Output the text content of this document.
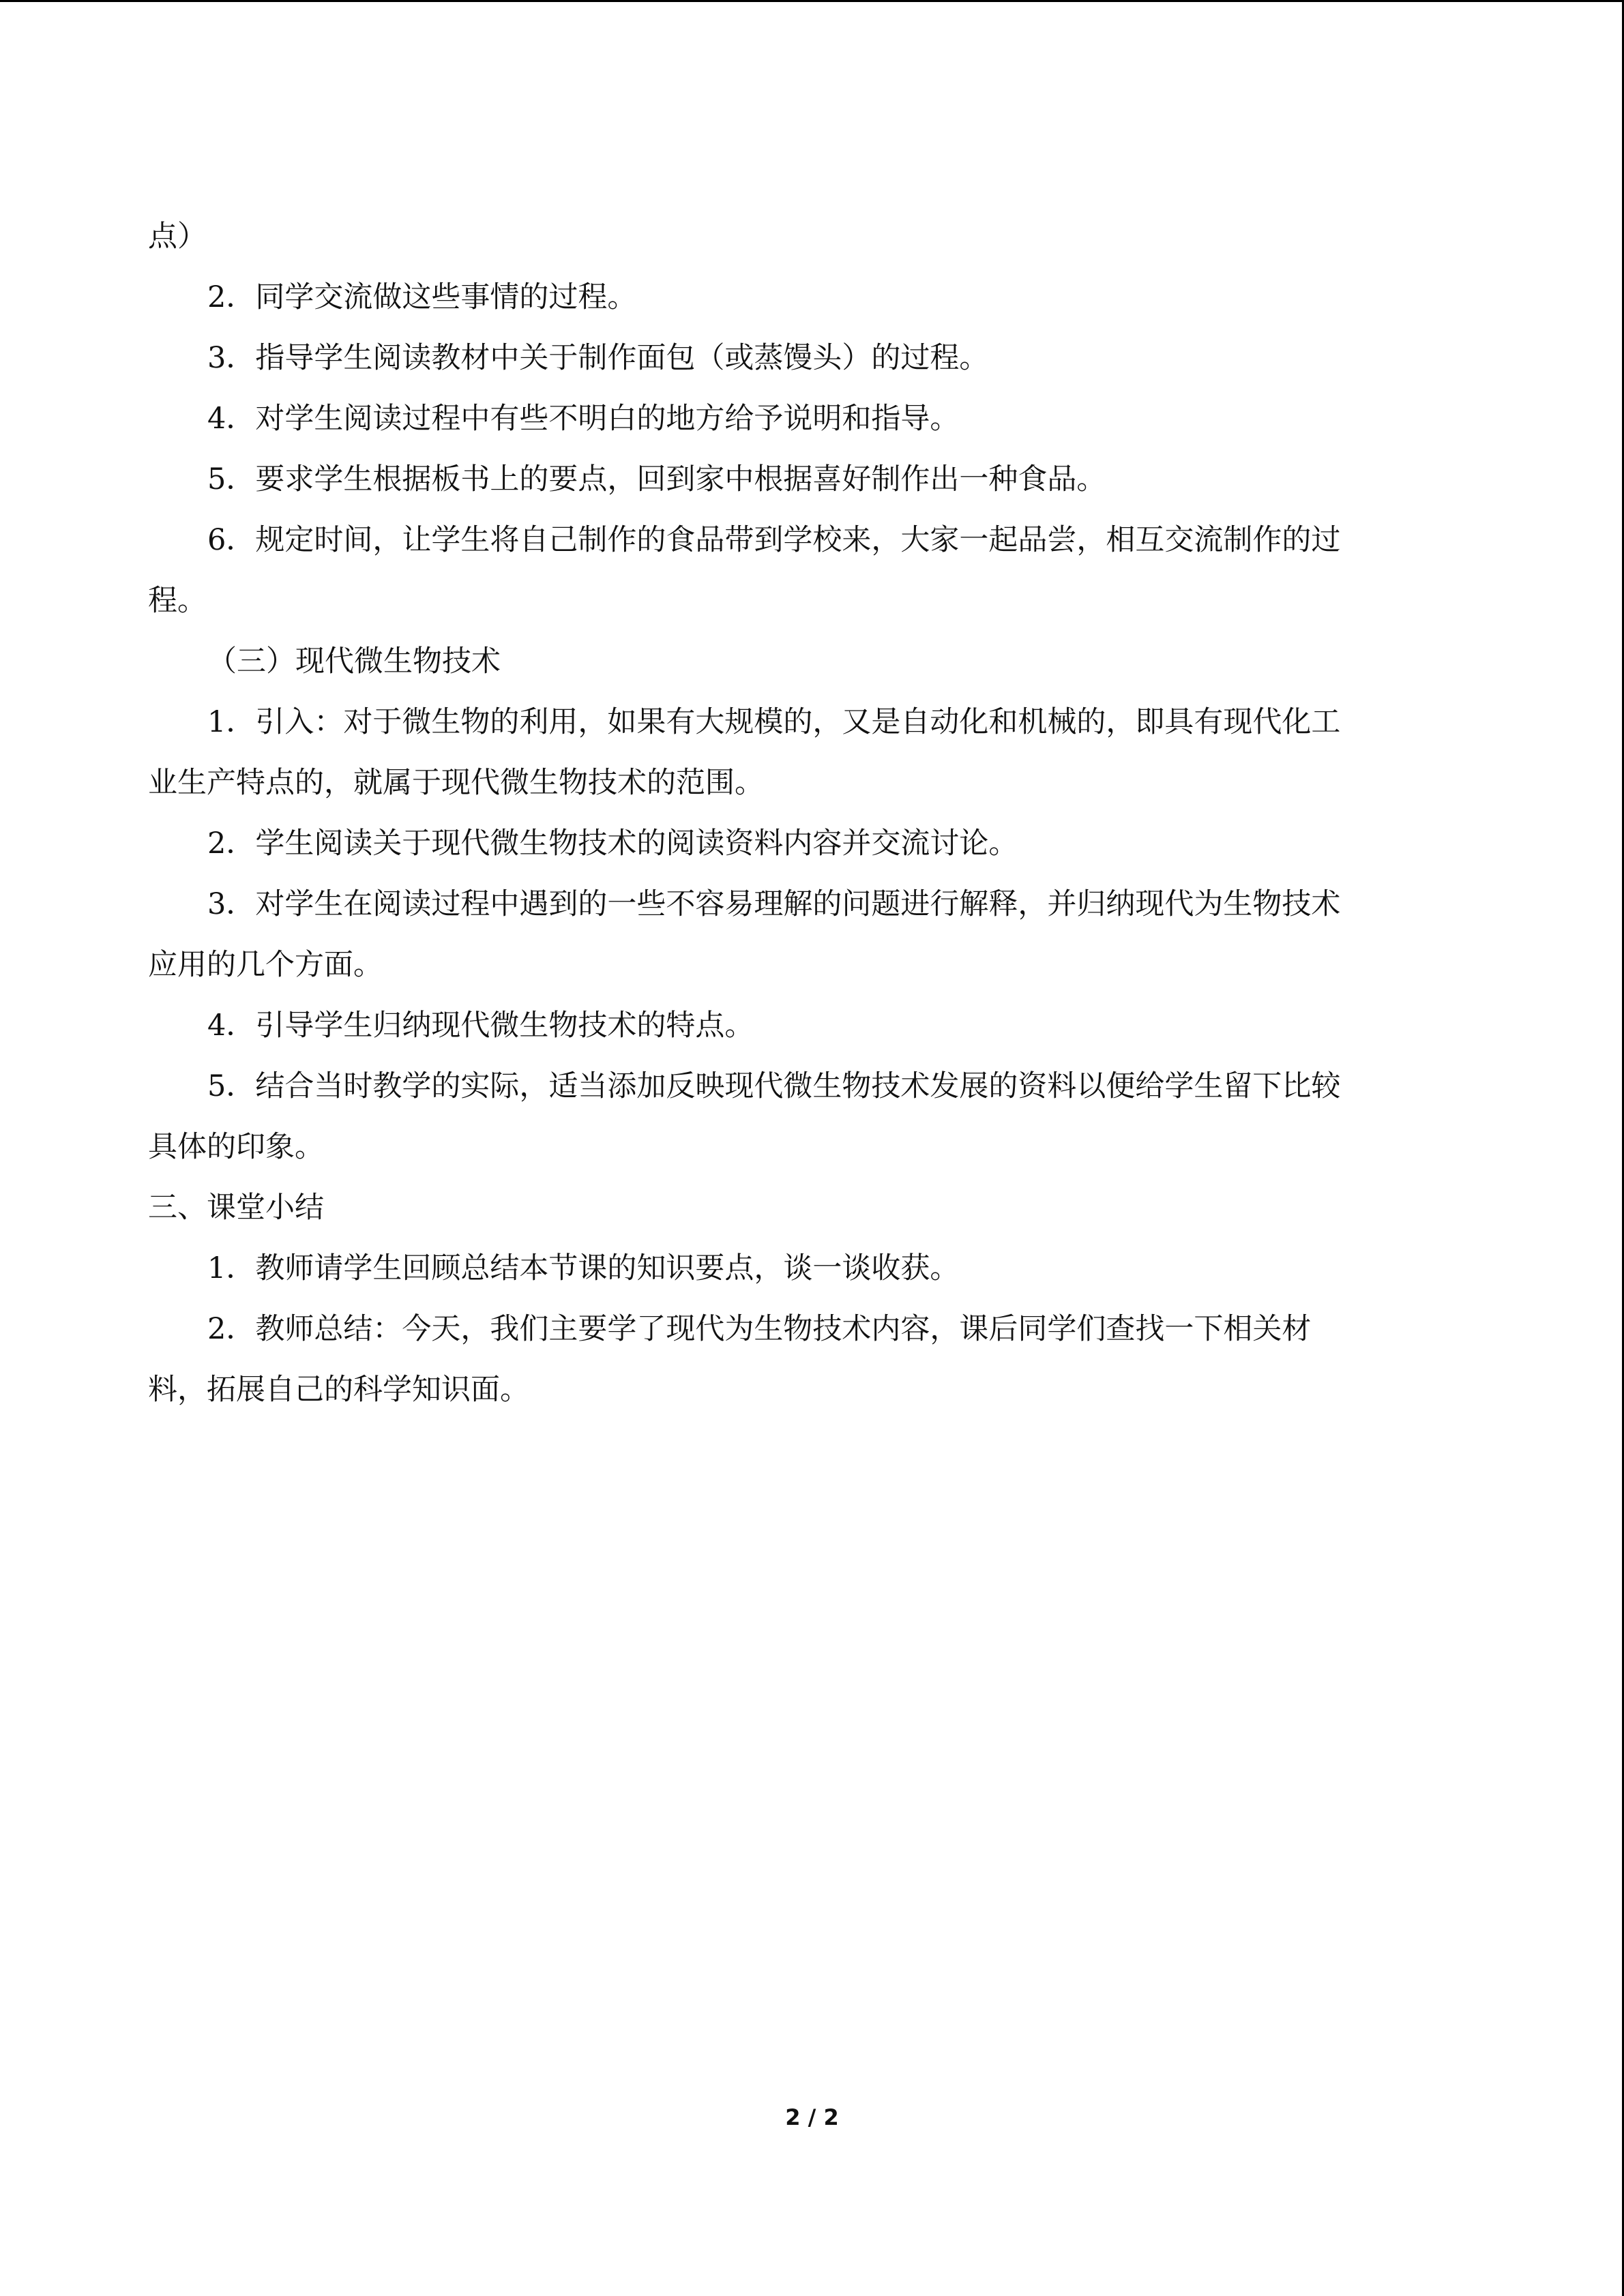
点）
2．同学交流做这些事情的过程。
3．指导学生阅读教材中关于制作面包（或蒸馒头）的过程。
4．对学生阅读过程中有些不明白的地方给予说明和指导。
5．要求学生根据板书上的要点，回到家中根据喜好制作出一种食品。
6．规定时间，让学生将自己制作的食品带到学校来，大家一起品尝，相互交流制作的过
程。
（三）现代微生物技术
1．引入：对于微生物的利用，如果有大规模的，又是自动化和机械的，即具有现代化工
业生产特点的，就属于现代微生物技术的范围。
2．学生阅读关于现代微生物技术的阅读资料内容并交流讨论。
3．对学生在阅读过程中遇到的一些不容易理解的问题进行解释，并归纳现代为生物技术
应用的几个方面。
4．引导学生归纳现代微生物技术的特点。
5．结合当时教学的实际，适当添加反映现代微生物技术发展的资料以便给学生留下比较
具体的印象。
三、课堂小结
1．教师请学生回顾总结本节课的知识要点，谈一谈收获。
2．教师总结：今天，我们主要学了现代为生物技术内容，课后同学们查找一下相关材
料，拓展自己的科学知识面。
2 / 2
